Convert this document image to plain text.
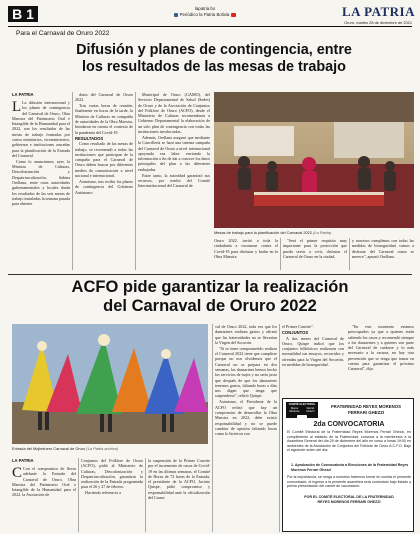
B 1	lapatria.bo
Periódico la Patria Bolivia	LA PATRIA
Oruro, martes 28 de diciembre de 2021
Para el Carnaval de Oruro 2022
Difusión y planes de contingencia, entre
los resultados de las mesas de trabajo
LA PATRIA

L La difusión internacional y los planes de contingencia del Carnaval de Oruro, Obra Maestra del Patrimonio Oral e Intangible de la Humanidad para el 2022, son los resultados de las mesas de trabajo formadas por varios ministerios, viceministerios, gobiernos e instituciones orureñas para la planificación de la Entrada del Carnaval.

Como lo anunciamos, ayer, la Ministra de Culturas, Descolonización y Despatriarcalización, Sabina Orellana, entre otras autoridades gubernamentales y locales darán los resultados de las seis mesas de trabajo instaladas la semana pasada para obtener

datos del Carnaval de Oruro 2022.

Tras varias horas de reunión, finalmente en horas de la tarde, la Ministra de Culturas en compañía de autoridades de la Obra Maestra, brindaron en cuenta el contexto de la pandemia del Covid-19.

RESULTADOS

Como resultado de las mesas de trabajo, se recomendó a todas las instituciones que participan de la campaña para el Carnaval de Oruro deben buscar por diferentes medios de comunicación a nivel nacional e internacional.

Asimismo, tras recibir los planes de contingencia del Gobierno Autónomo

Municipal de Oruro (GAMO), del Servicio Departamental de Salud (Sedes) de Oruro y de la Asociación de Conjuntos del Folklore de Oruro (ACFO), desde el Ministerio de Culturas recomendaron a Gobierno Departamental la elaboración de un solo plan de contingencia con todas las instituciones involucradas.

Además, Orellana aseguró que mediante la Cancillería se hará una intensa campaña del Carnaval de Oruro a nivel internacional apoyando esa labor enviando la información a fin de dar a conocer los datos principales del plan a las diferentes embajadas.

Entre tanto, la autoridad garantizó sus recursos, por medio del Comité Interinstitucional del Carnaval de

Mesas de trabajo para la planificación del Carnaval 2022 (La Patria)

Oruro 2022, invitó a toda la ciudadanía a vacunarse contra el Covid-19 para disfrutar y bailar en la Obra Maestra.

"Será el primer requisito muy importante para la protección que pueda servir a vivir, disfrutar el Carnaval de Oruro en la ciudad,

y nosotros cumplimos con todas las medidas de bioseguridad, vamos a disfrutar del Carnaval como se merece", apuntó Orellana.

ACFO pide garantizar la realización
del Carnaval de Oruro 2022
Entrada del Mojimtuero Carnaval de Oruro (La Patria archivo)
LA PATRIA

C Con el compromiso de llevar adelante la Entrada del Carnaval de Oruro, Obra Maestra del Patrimonio Oral e Intangible de la Humanidad para el 2022, la Asociación de

Conjuntos del Folklore de Oruro (ACFO), pidió al Ministerio de Culturas, Descolonización y Despatriarcalización, garantizar la realización de la Entrada programada para el 26 y 27 de febrero.

Haciendo referencia a

la suspensión de la Primer Convite por el incremento de casos de Covid-19 en las últimas semanas, el Comité de Horas de 72 horas de la Entrada, el presidente de la ACFO, Jacinto Quispe, pidió compromiso y responsabilidad ante la oficialización del Carna-

val de Oruro 2022, toda vez que los danzarines realizan gastos y afirmó que las fraternidades no se llevarían la Virgen del Socavón.

"Si se tiene comprometido realizar el Carnaval 2022 tiene que cumplirse porque no nos olvidemos que el Carnaval no se prepara en dos semanas, las danzarines hemos hecho los servicios de trajes y no sería justo que después de que los danzarines tenemos gastos, faltando horas o días nos digan que tenga que suspenderse", refirió Quispe.

Asimismo, el Presidente de la ACFO refirió que hay un compromiso de desarrollar la Obra Maestra en 2022, debe existir responsabilidad y no se puede cambiar de opinión faltando horas como lo hicieron con

el Primer Convite".

CONJUNTOS

A dos meses del Carnaval de Oruro, Quispe indicó que los conjuntos folklóricos realizaron con normalidad sus ensayos, recorridos y ofrendas para la Virgen del Socavón, en medidas de bioseguridad.

"En este momento estamos preocupados ya que a quienes están saliendo los casos y recomendó siempre a los danzarines y a quienes son parte del Carnaval de cuidarse y lo más necesario a la vacuna, no hay otra prevención que se tenga que tomar en cuenta para garantizar el próximo Carnaval", dijo.

COMITÉ ELECTORAL
Reyes Morenos
Ferrari Ghezzi
FRATERNIDAD REYES MORENOS
FERRARI GHEZZI
2da CONVOCATORIA
El Comité Electoral de la Fraternidad Reyes Morenos Ferrari Ghezzi, en cumplimiento al estatuto de la Fraternidad, convoca a la membresía a la Asamblea General del día 29 de diciembre del año en curso a horas 19:00 en ambientes de la Asociación de Conjuntos del Folklore de Oruro A.C.F.O. Bajo el siguiente orden del día:
1. Aprobación de Convocatoria a Elecciones de la Fraternidad Reyes Morenos Ferrari Ghezzi
Por la importancia, se ruega a nuestros fraternos tomar en cuenta el presente comunicado, el ingreso a la presente asamblea será controlado bajo listado y previa presentación del carnet de vacunación.
POR EL COMITÉ ELECTORAL DE LA FRATERNIDAD
REYES MORENOS FERRARI GHEZZI
